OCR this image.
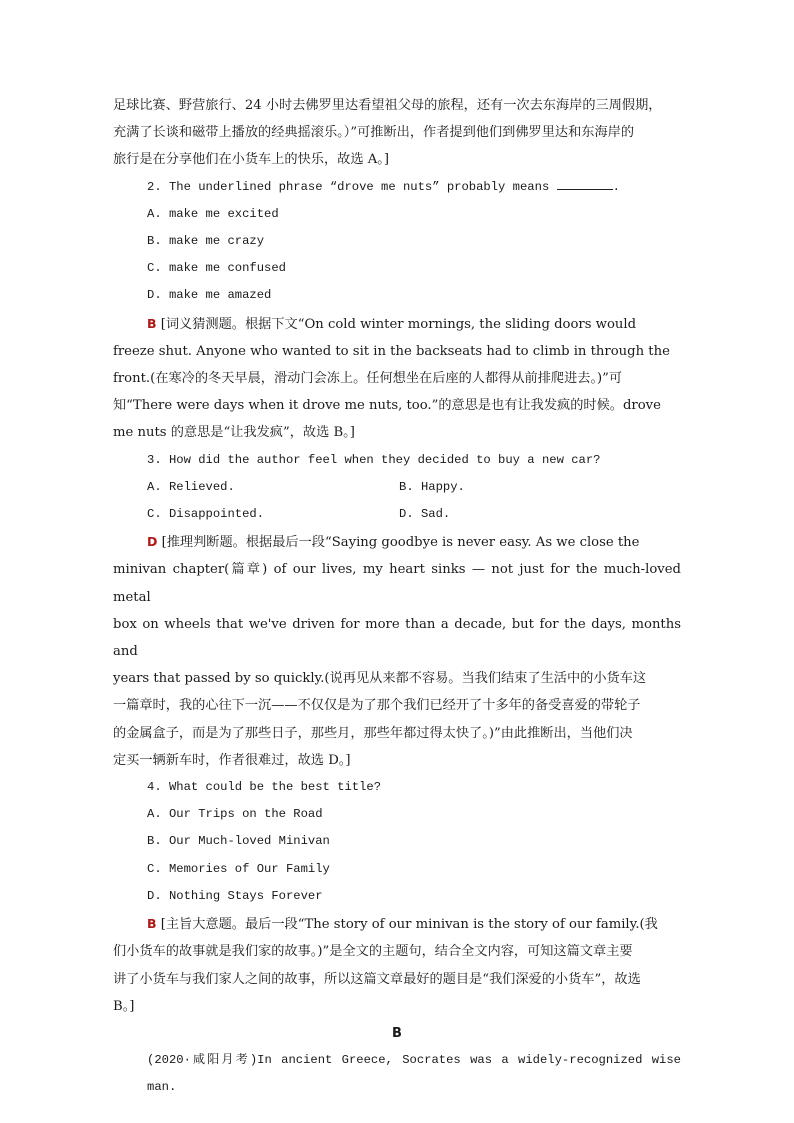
足球比赛、野营旅行、24 小时去佛罗里达看望祖父母的旅程，还有一次去东海岸的三周假期，

充满了长谈和磁带上播放的经典摇滚乐。）”可推断出，作者提到他们到佛罗里达和东海岸的

旅行是在分享他们在小货车上的快乐，故选 A。]

2. The underlined phrase “drove me nuts” probably means	.

A. make me excited

B. make me crazy

C. make me confused

D. make me amazed

B [词义猜测题。根据下文“On cold winter mornings, the sliding doors would

freeze shut. Anyone who wanted to sit in the backseats had to climb in through the

front.(在寒冷的冬天早晨，滑动门会冻上。任何想坐在后座的人都得从前排爬进去。)”可

知“There were days when it drove me nuts, too.”的意思是也有让我发疯的时候。drove

me nuts 的意思是“让我发疯”，故选 B。]

3. How did the author feel when they decided to buy a new car?

A. Relieved.	B. Happy.

C. Disappointed.	D. Sad.

D [推理判断题。根据最后一段“Saying goodbye is never easy. As we close the

minivan chapter(篇章) of our lives, my heart sinks — not just for the much-loved metal

box on wheels that we've driven for more than a decade, but for the days, months and

years that passed by so quickly.(说再见从来都不容易。当我们结束了生活中的小货车这

一篇章时，我的心往下一沉——不仅仅是为了那个我们已经开了十多年的备受喜爱的带轮子

的金属盒子，而是为了那些日子，那些月，那些年都过得太快了。)”由此推断出，当他们决

定买一辆新车时，作者很难过，故选 D。]

4. What could be the best title?

A. Our Trips on the Road

B. Our Much-loved Minivan

C. Memories of Our Family

D. Nothing Stays Forever

B [主旨大意题。最后一段“The story of our minivan is the story of our family.(我

们小货车的故事就是我们家的故事。)”是全文的主题句，结合全文内容，可知这篇文章主要

讲了小货车与我们家人之间的故事，所以这篇文章最好的题目是“我们深爱的小货车”，故选

B。]

B

(2020·咸阳月考)In ancient Greece, Socrates was a widely-recognized wise man.
